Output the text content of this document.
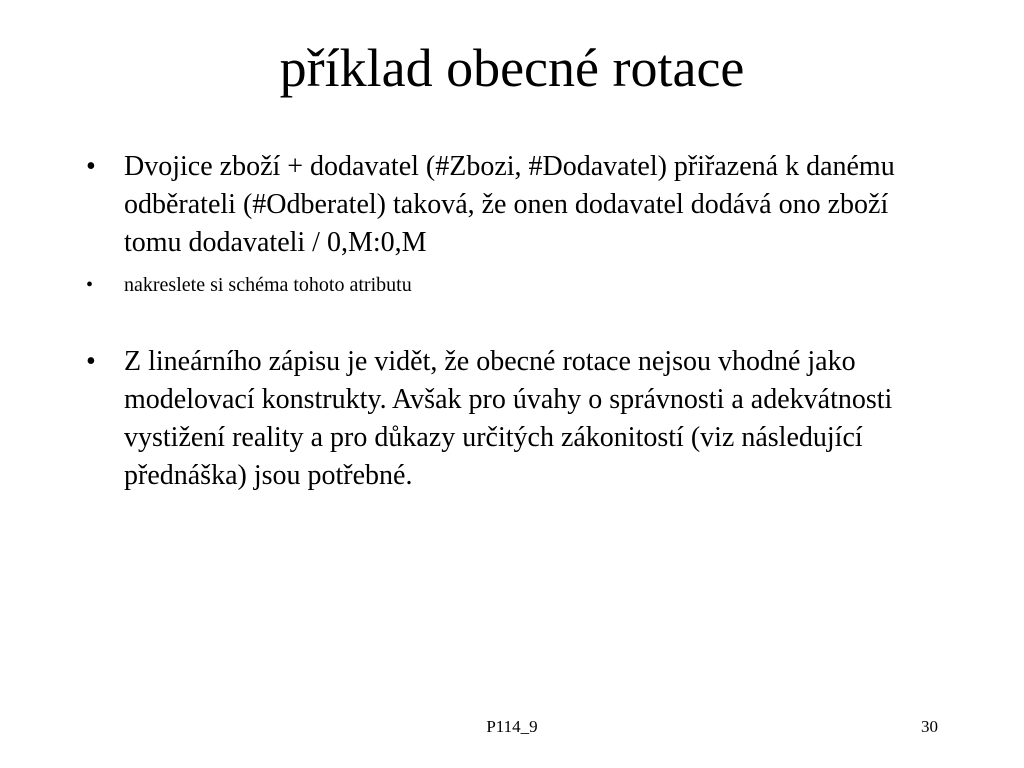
příklad obecné rotace
• Dvojice zboží + dodavatel (#Zbozi, #Dodavatel) přiřazená k danému odběrateli (#Odberatel) taková, že onen dodavatel dodává ono zboží tomu dodavateli / 0,M:0,M
• nakreslete si schéma tohoto atributu
• Z lineárního zápisu je vidět, že obecné rotace nejsou vhodné jako modelovací konstrukty. Avšak pro úvahy o správnosti a adekvátnosti vystižení reality a pro důkazy určitých zákonitostí (viz následující přednáška) jsou potřebné.
P114_9	30
